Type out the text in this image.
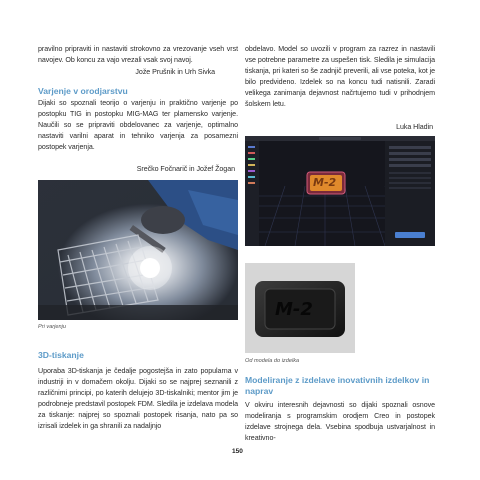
pravilno pripraviti in nastaviti strokovno za vrezovanje vseh vrst navojev. Ob koncu za vajo vrezali vsak svoj navoj.
Jože Prušnik in Urh Sivka
Varjenje v orodjarstvu
Dijaki so spoznali teorijo o varjenju in praktično varjenje po postopku TIG in postopku MIG-MAG ter plamensko varjenje. Naučili so se pripraviti obdelovanec za varjenje, optimalno nastaviti varilni aparat in tehniko varjenja za posamezni postopek varjenja.
Srečko Fočnarič in Jožef Žogan
Pri varjenju
3D-tiskanje
Uporaba 3D-tiskanja je čedalje pogostejša in zato popularna v industriji in v domačem okolju. Dijaki so se najprej seznanili z različnimi principi, po katerih delujejo 3D-tiskalniki; mentor jim je podrobneje predstavil postopek FDM. Sledila je izdelava modela za tiskanje: najprej so spoznali postopek risanja, nato pa so izrisali izdelek in ga shranili za nadaljnjo
obdelavo. Model so uvozili v program za razrez in nastavili vse potrebne parametre za uspešen tisk. Sledila je simulacija tiskanja, pri kateri so še zadnjič preverili, ali vse poteka, kot je bilo predvideno. Izdelek so na koncu tudi natisnili. Zaradi velikega zanimanja dejavnost načrtujemo tudi v prihodnjem šolskem letu.
Luka Hladin
M-2
M-2
Od modela do izdelka
Modeliranje z izdelave inovativnih izdelkov in naprav
V okviru interesnih dejavnosti so dijaki spoznali osnove modeliranja s programskim orodjem Creo in postopek izdelave strojnega dela. Vsebina spodbuja ustvarjalnost in kreativno-
150
